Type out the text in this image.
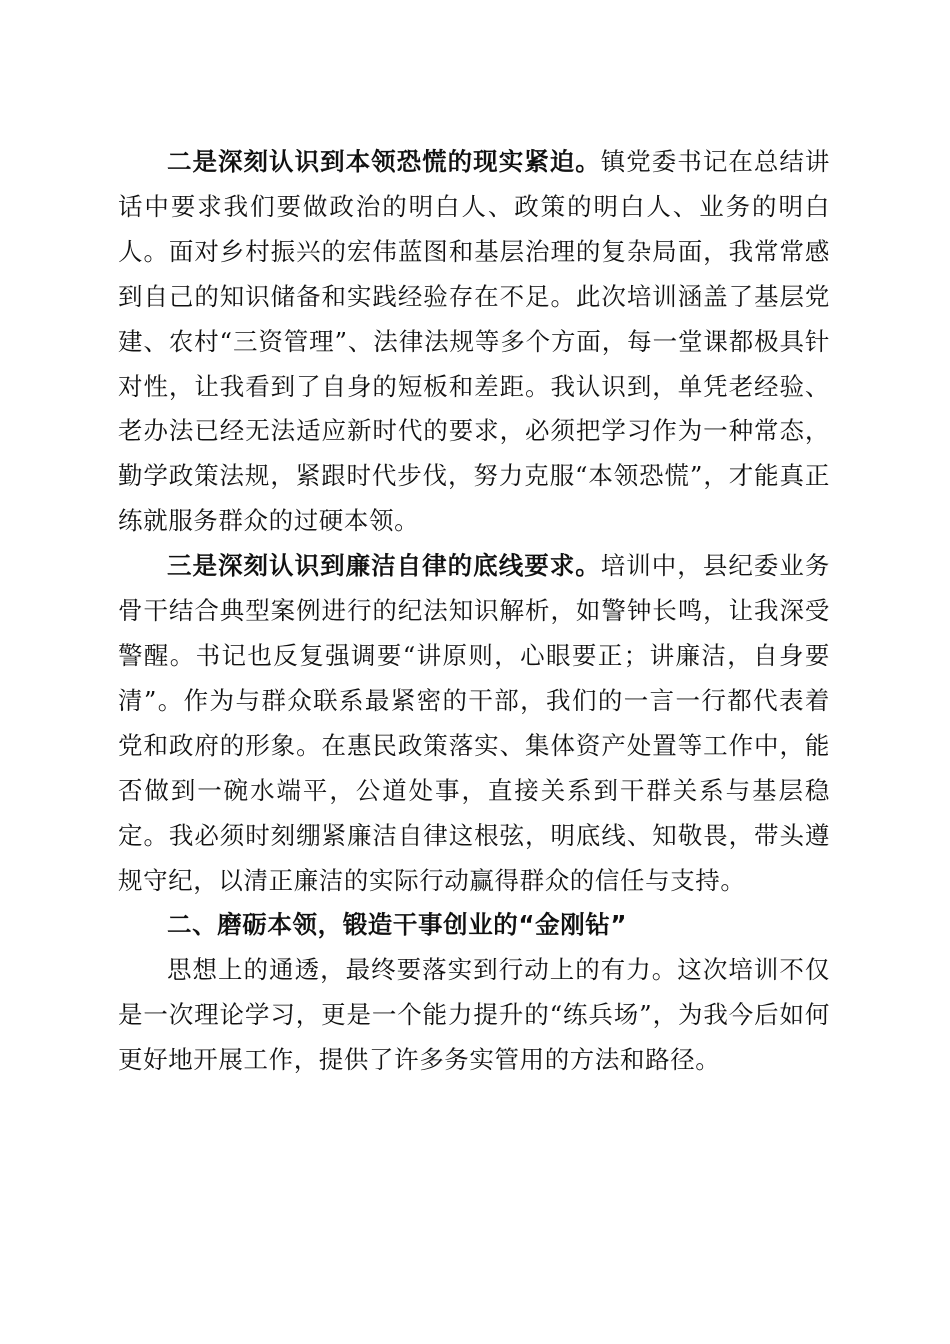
二是深刻认识到本领恐慌的现实紧迫。镇党委书记在总结讲话中要求我们要做政治的明白人、政策的明白人、业务的明白人。面对乡村振兴的宏伟蓝图和基层治理的复杂局面，我常常感到自己的知识储备和实践经验存在不足。此次培训涵盖了基层党建、农村“三资管理”、法律法规等多个方面，每一堂课都极具针对性，让我看到了自身的短板和差距。我认识到，单凭老经验、老办法已经无法适应新时代的要求，必须把学习作为一种常态，勤学政策法规，紧跟时代步伐，努力克服“本领恐慌”，才能真正练就服务群众的过硬本领。

三是深刻认识到廉洁自律的底线要求。培训中，县纪委业务骨干结合典型案例进行的纪法知识解析，如警钟长鸣，让我深受警醒。书记也反复强调要“讲原则，心眼要正；讲廉洁，自身要清”。作为与群众联系最紧密的干部，我们的一言一行都代表着党和政府的形象。在惠民政策落实、集体资产处置等工作中，能否做到一碗水端平，公道处事，直接关系到干群关系与基层稳定。我必须时刻绷紧廉洁自律这根弦，明底线、知敬畏，带头遵规守纪，以清正廉洁的实际行动赢得群众的信任与支持。

二、磨砺本领，锻造干事创业的“金刚钻”

思想上的通透，最终要落实到行动上的有力。这次培训不仅是一次理论学习，更是一个能力提升的“练兵场”，为我今后如何更好地开展工作，提供了许多务实管用的方法和路径。
